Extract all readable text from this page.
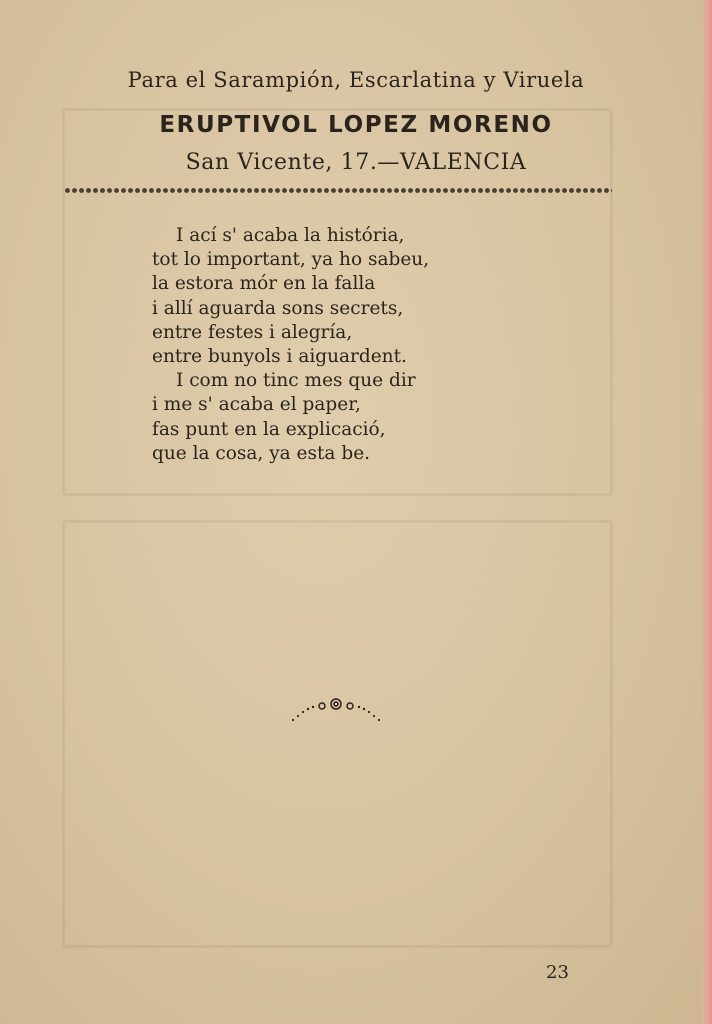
Para el Sarampión, Escarlatina y Viruela
ERUPTIVOL LOPEZ MORENO
San Vicente, 17.—VALENCIA
I ací s' acaba la história,
tot lo important, ya ho sabeu,
la estora mór en la falla
i allí aguarda sons secrets,
entre festes i alegría,
entre bunyols i aiguardent.
I com no tinc mes que dir
i me s' acaba el paper,
fas punt en la explicació,
que la cosa, ya esta be.
23
